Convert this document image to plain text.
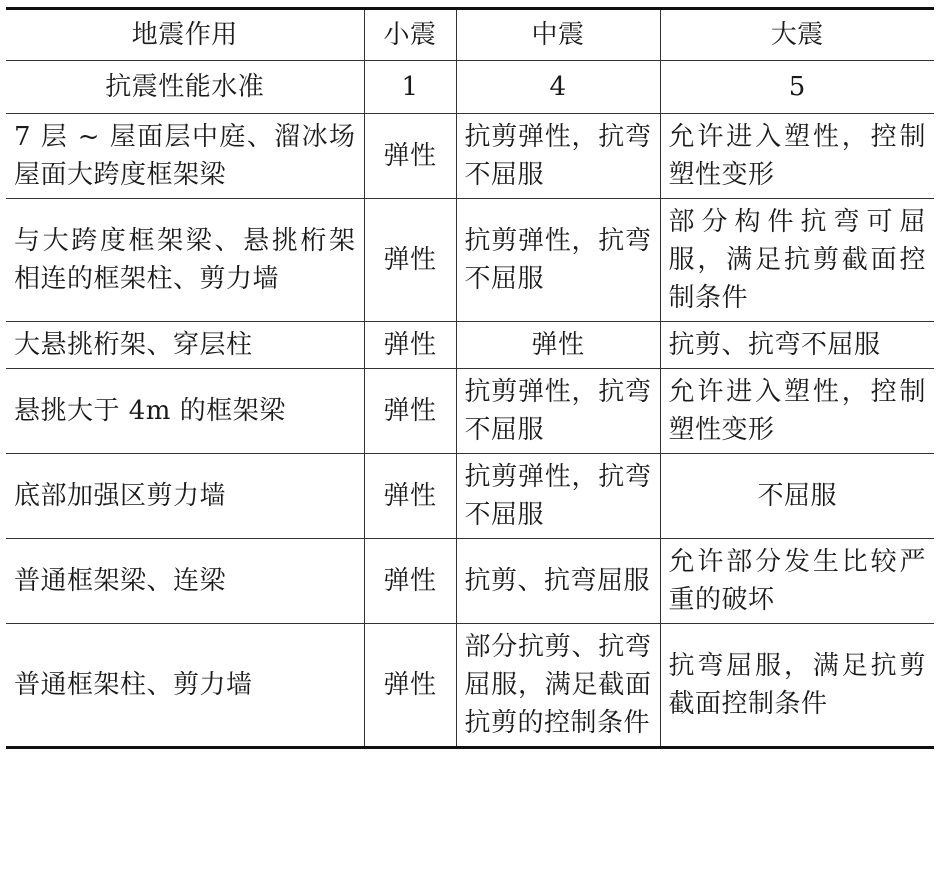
地震作用	小震	中震	大震
抗震性能水准	1	4	5
7 层 ~ 屋面层中庭、溜冰场屋面大跨度框架梁	弹性	抗剪弹性，抗弯不屈服	允许进入塑性，控制塑性变形
与大跨度框架梁、悬挑桁架相连的框架柱、剪力墙	弹性	抗剪弹性，抗弯不屈服	部分构件抗弯可屈服，满足抗剪截面控制条件
大悬挑桁架、穿层柱	弹性	弹性	抗剪、抗弯不屈服
悬挑大于 4m 的框架梁	弹性	抗剪弹性，抗弯不屈服	允许进入塑性，控制塑性变形
底部加强区剪力墙	弹性	抗剪弹性，抗弯不屈服	不屈服
普通框架梁、连梁	弹性	抗剪、抗弯屈服	允许部分发生比较严重的破坏
普通框架柱、剪力墙	弹性	部分抗剪、抗弯屈服，满足截面抗剪的控制条件	抗弯屈服，满足抗剪截面控制条件
